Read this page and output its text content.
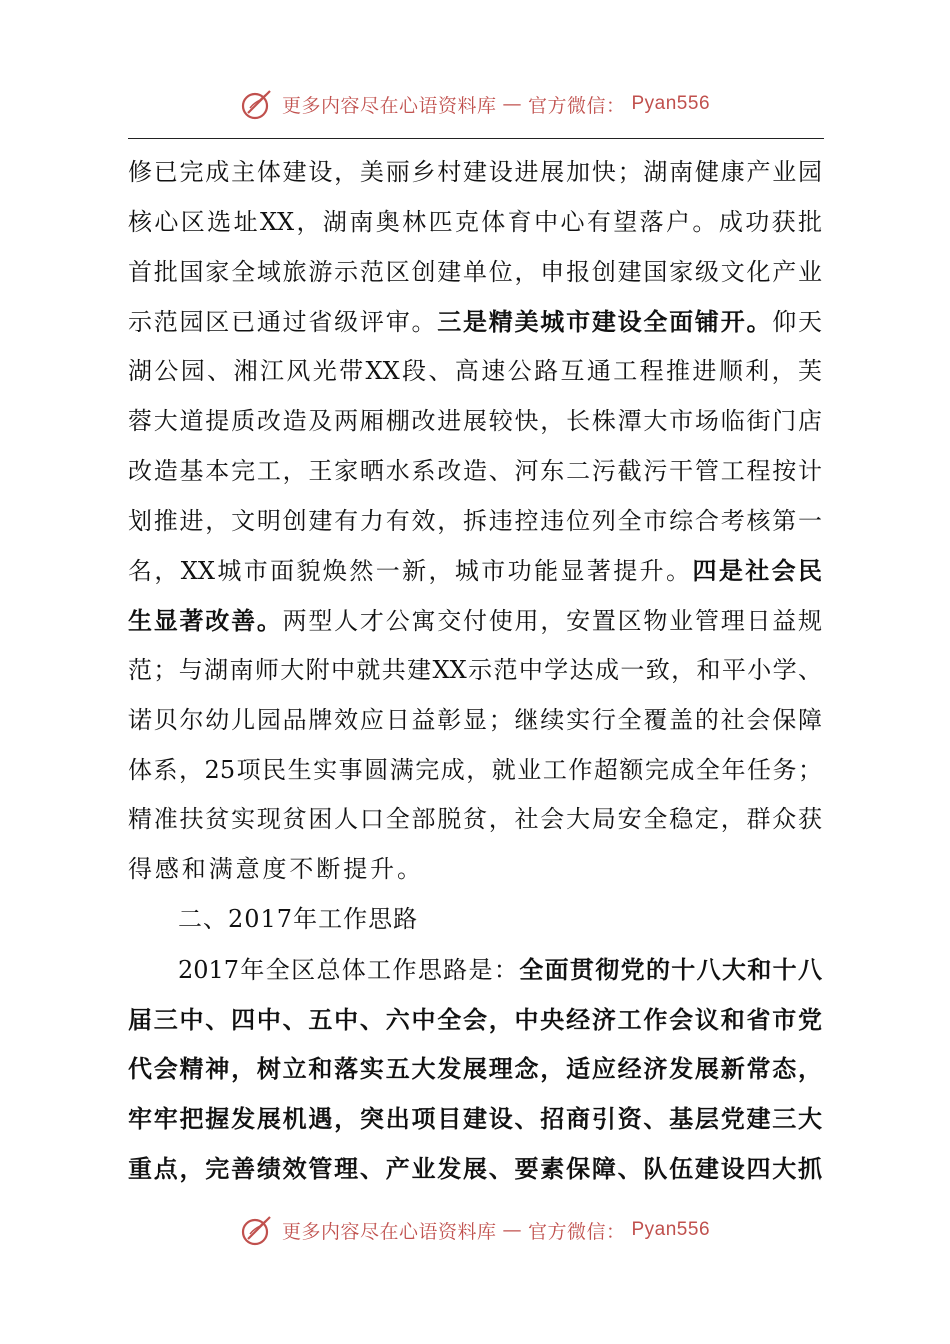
更多内容尽在心语资料库 — 官方微信： Pyan556
修已完成主体建设，美丽乡村建设进展加快；湖南健康产业园
核心区选址XX，湖南奥林匹克体育中心有望落户。成功获批
首批国家全域旅游示范区创建单位，申报创建国家级文化产业
示范园区已通过省级评审。三是精美城市建设全面铺开。仰天
湖公园、湘江风光带XX段、高速公路互通工程推进顺利，芙
蓉大道提质改造及两厢棚改进展较快，长株潭大市场临街门店
改造基本完工，王家晒水系改造、河东二污截污干管工程按计
划推进，文明创建有力有效，拆违控违位列全市综合考核第一
名，XX城市面貌焕然一新，城市功能显著提升。四是社会民
生显著改善。两型人才公寓交付使用，安置区物业管理日益规
范；与湖南师大附中就共建XX示范中学达成一致，和平小学、
诺贝尔幼儿园品牌效应日益彰显；继续实行全覆盖的社会保障
体系，25项民生实事圆满完成，就业工作超额完成全年任务；
精准扶贫实现贫困人口全部脱贫，社会大局安全稳定，群众获
得感和满意度不断提升。
二、2017年工作思路
2017年全区总体工作思路是：全面贯彻党的十八大和十八
届三中、四中、五中、六中全会，中央经济工作会议和省市党
代会精神，树立和落实五大发展理念，适应经济发展新常态，
牢牢把握发展机遇，突出项目建设、招商引资、基层党建三大
重点，完善绩效管理、产业发展、要素保障、队伍建设四大抓
更多内容尽在心语资料库 — 官方微信： Pyan556
